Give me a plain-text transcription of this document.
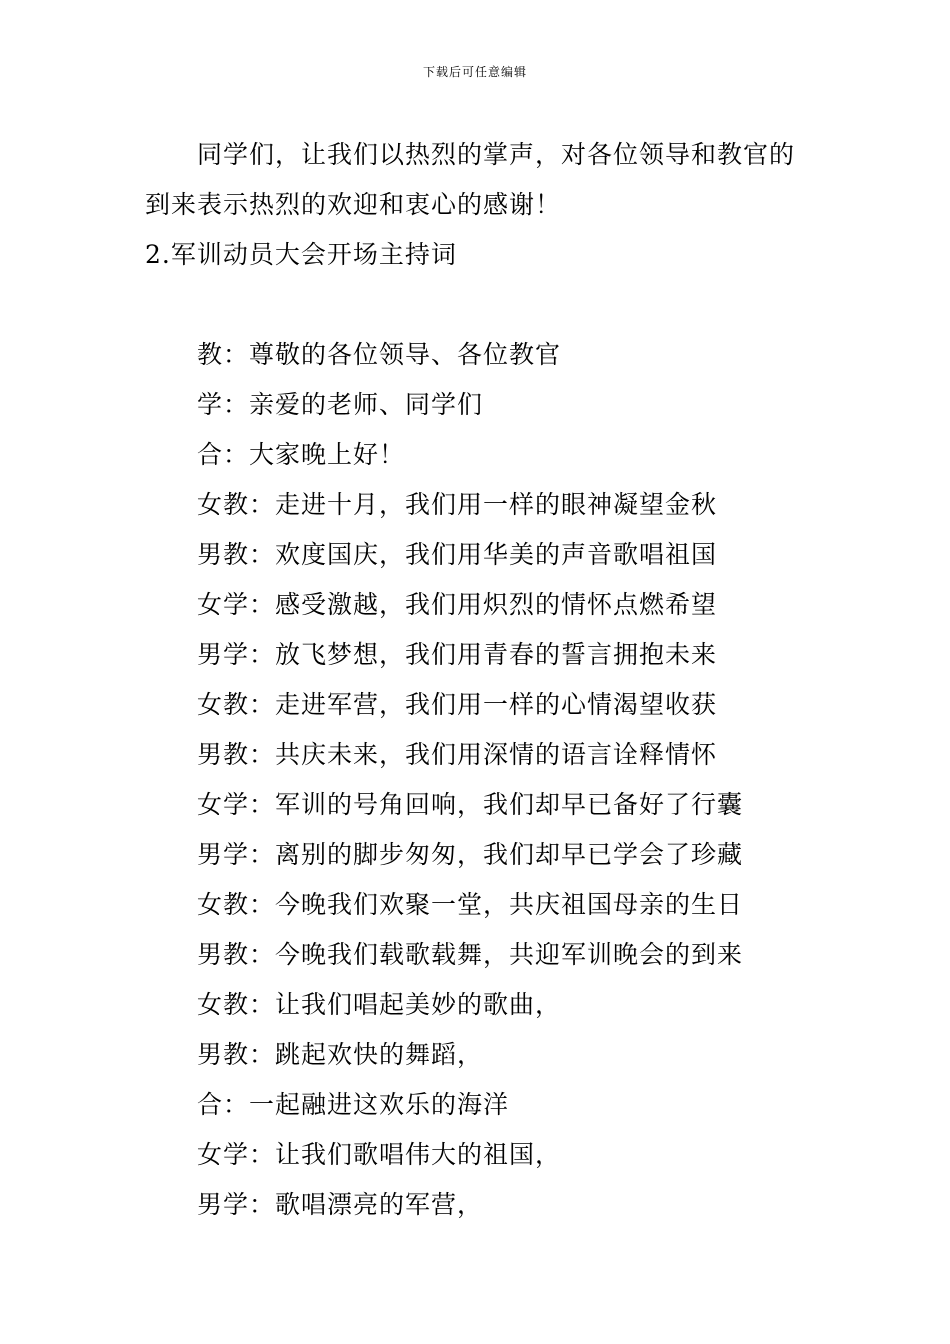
下载后可任意编辑
同学们，让我们以热烈的掌声，对各位领导和教官的
到来表示热烈的欢迎和衷心的感谢！
2.军训动员大会开场主持词
教：尊敬的各位领导、各位教官
学：亲爱的老师、同学们
合：大家晚上好！
女教：走进十月，我们用一样的眼神凝望金秋
男教：欢度国庆，我们用华美的声音歌唱祖国
女学：感受激越，我们用炽烈的情怀点燃希望
男学：放飞梦想，我们用青春的誓言拥抱未来
女教：走进军营，我们用一样的心情渴望收获
男教：共庆未来，我们用深情的语言诠释情怀
女学：军训的号角回响，我们却早已备好了行囊
男学：离别的脚步匆匆，我们却早已学会了珍藏
女教：今晚我们欢聚一堂，共庆祖国母亲的生日
男教：今晚我们载歌载舞，共迎军训晚会的到来
女教：让我们唱起美妙的歌曲，
男教：跳起欢快的舞蹈，
合：一起融进这欢乐的海洋
女学：让我们歌唱伟大的祖国，
男学：歌唱漂亮的军营，
